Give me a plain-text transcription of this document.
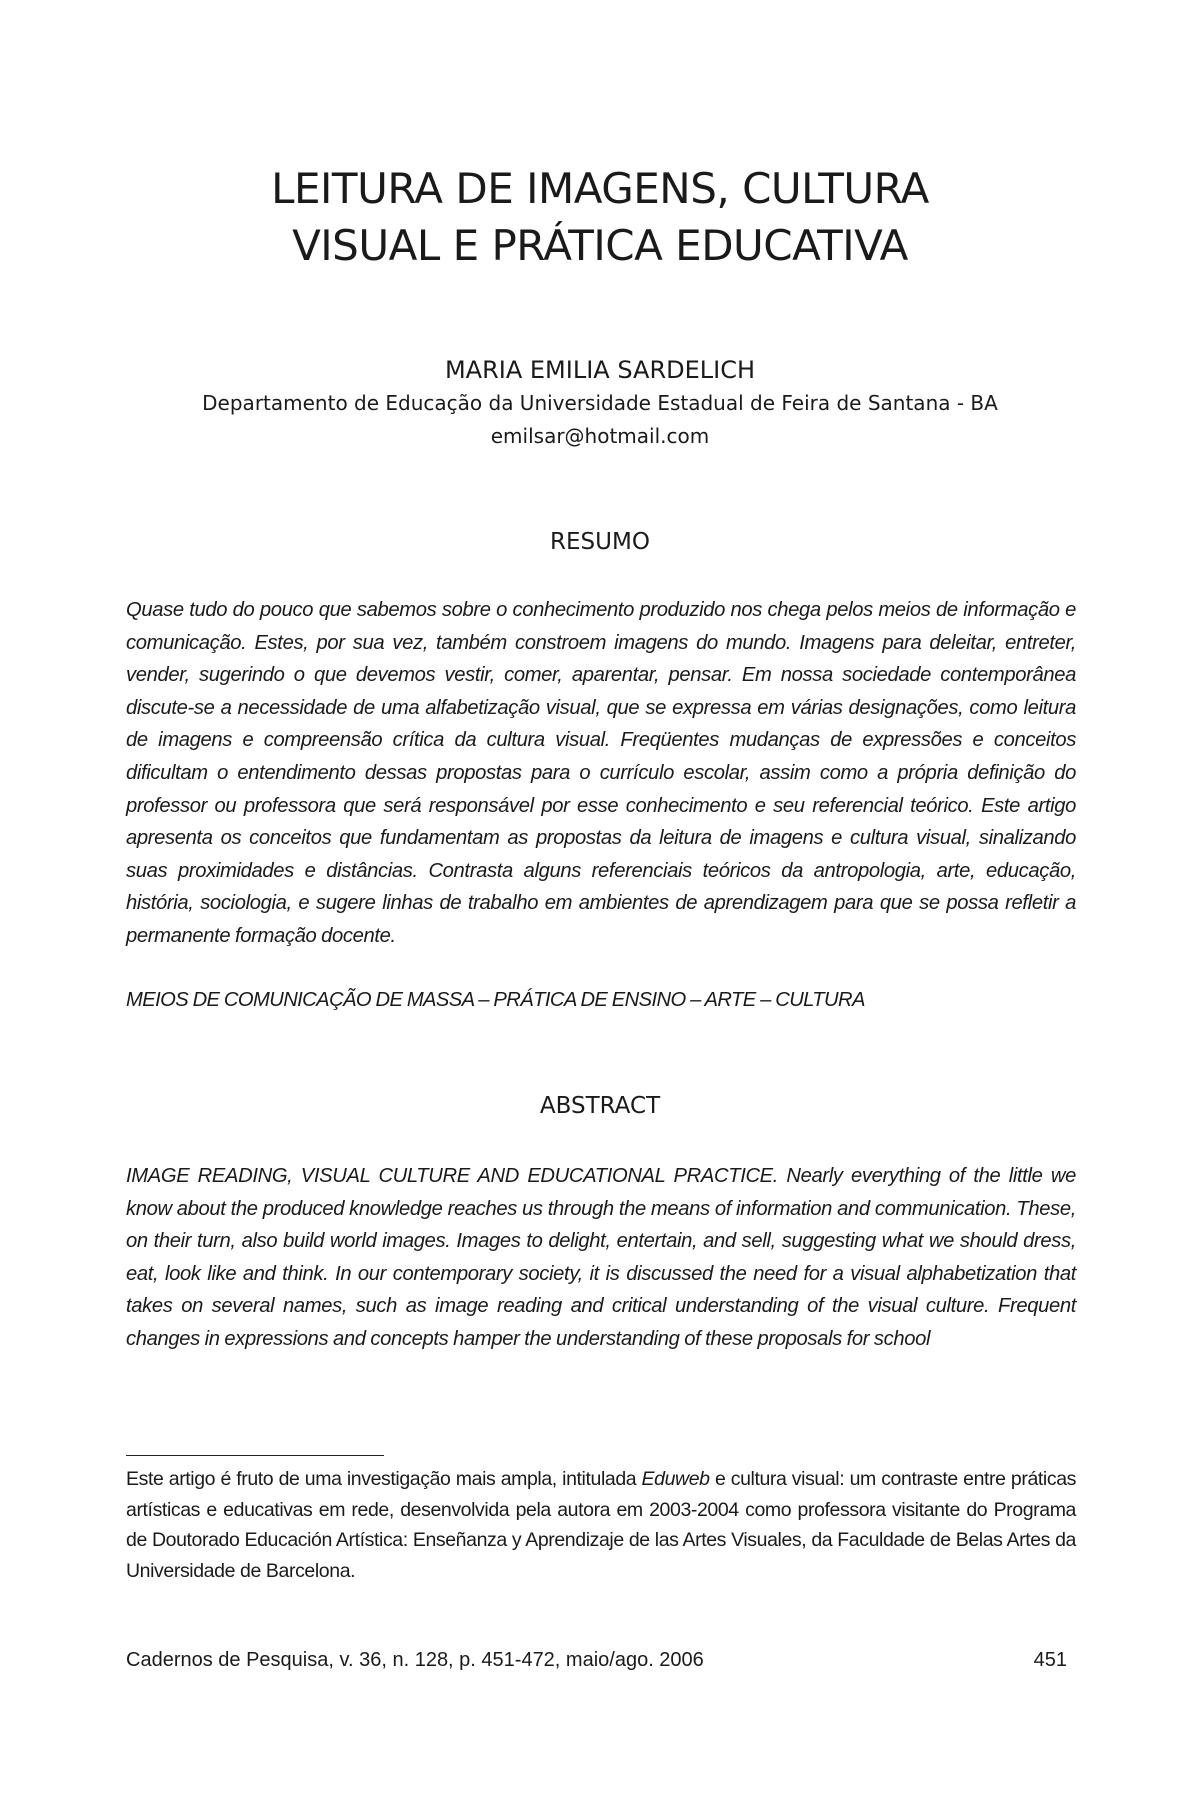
LEITURA DE IMAGENS, CULTURA
VISUAL E PRÁTICA EDUCATIVA
MARIA EMILIA SARDELICH
Departamento de Educação da Universidade Estadual de Feira de Santana - BA
emilsar@hotmail.com
RESUMO

Quase tudo do pouco que sabemos sobre o conhecimento produzido nos chega pelos meios de informação e comunicação. Estes, por sua vez, também constroem imagens do mundo. Imagens para deleitar, entreter, vender, sugerindo o que devemos vestir, comer, aparentar, pensar. Em nossa sociedade contemporânea discute-se a necessidade de uma alfabetização visual, que se expressa em várias designações, como leitura de imagens e compreensão crítica da cultura visual. Freqüentes mudanças de expressões e conceitos dificultam o entendimento dessas propostas para o currículo escolar, assim como a própria definição do professor ou professora que será responsável por esse conhecimento e seu referencial teórico. Este artigo apresenta os conceitos que fundamentam as propostas da leitura de imagens e cultura visual, sinalizando suas proximidades e distâncias. Contrasta alguns referenciais teóricos da antropologia, arte, educação, história, sociologia, e sugere linhas de trabalho em ambientes de aprendizagem para que se possa refletir a permanente formação docente.

MEIOS DE COMUNICAÇÃO DE MASSA – PRÁTICA DE ENSINO – ARTE – CULTURA

ABSTRACT

IMAGE READING, VISUAL CULTURE AND EDUCATIONAL PRACTICE. Nearly everything of the little we know about the produced knowledge reaches us through the means of information and communication. These, on their turn, also build world images. Images to delight, entertain, and sell, suggesting what we should dress, eat, look like and think. In our contemporary society, it is discussed the need for a visual alphabetization that takes on several names, such as image reading and critical understanding of the visual culture. Frequent changes in expressions and concepts hamper the understanding of these proposals for school

Este artigo é fruto de uma investigação mais ampla, intitulada Eduweb e cultura visual: um contraste entre práticas artísticas e educativas em rede, desenvolvida pela autora em 2003-2004 como professora visitante do Programa de Doutorado Educación Artística: Enseñanza y Aprendizaje de las Artes Visuales, da Faculdade de Belas Artes da Universidade de Barcelona.

Cadernos de Pesquisa, v. 36, n. 128, p. 451-472, maio/ago. 2006	451
